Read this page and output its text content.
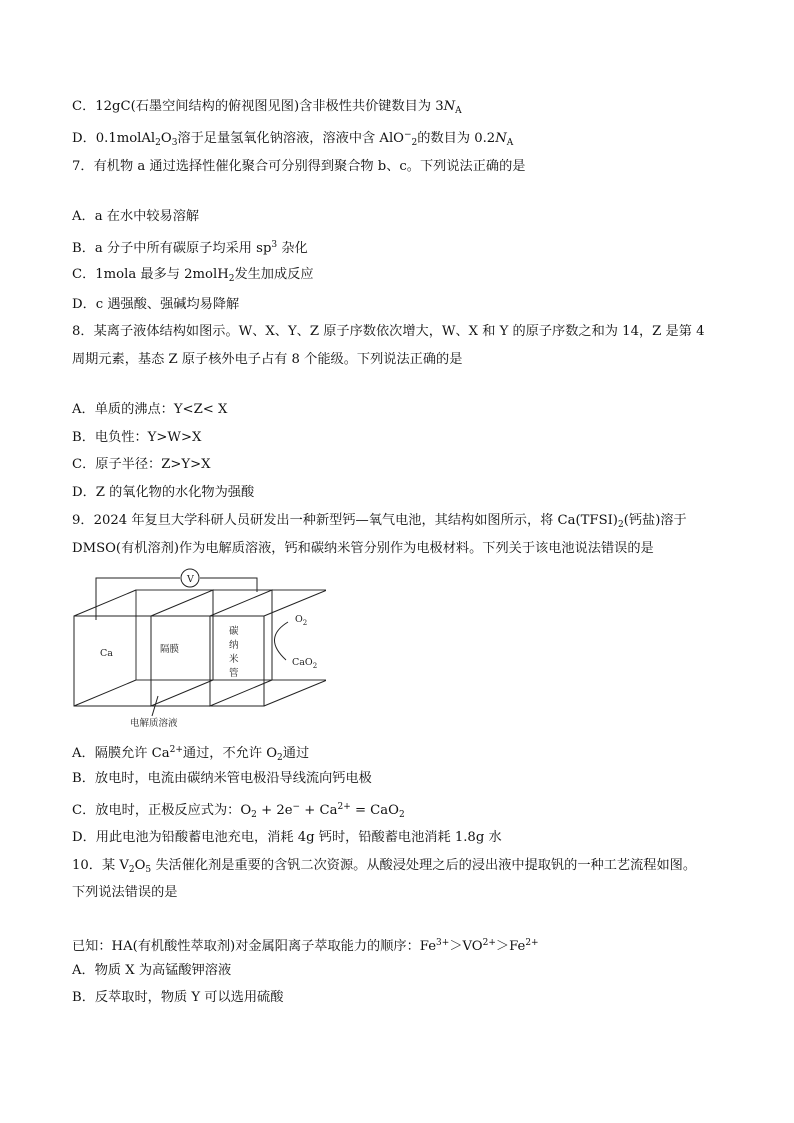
C．12gC(石墨空间结构的俯视图见图)含非极性共价键数目为 $3N_A$
D．$0.1molAl_2O_3$溶于足量氢氧化钠溶液，溶液中含 AlO−$_2$的数目为 $0.2N_A$
7．有机物 a 通过选择性催化聚合可分别得到聚合物 b、c。下列说法正确的是
A．a 在水中较易溶解
B．a 分子中所有碳原子均采用 $sp^3$ 杂化
C．1mola 最多与 2molH$_2$发生加成反应
D．c 遇强酸、强碱均易降解
8．某离子液体结构如图示。W、X、Y、Z 原子序数依次增大，W、X 和 Y 的原子序数之和为 14，Z 是第 4
周期元素，基态 Z 原子核外电子占有 8 个能级。下列说法正确的是
A．单质的沸点：Y<Z< X
B．电负性：Y>W>X
C．原子半径：Z>Y>X
D．Z 的氧化物的水化物为强酸
9．2024 年复旦大学科研人员研发出一种新型钙—氧气电池，其结构如图所示，将 $Ca(TFSI)_2$(钙盐)溶于
DMSO(有机溶剂)作为电解质溶液，钙和碳纳米管分别作为电极材料。下列关于该电池说法错误的是
V
Ca	隔膜
碳
纳
米
管
$O_2$
CaO$_2$
电解质溶液
A．隔膜允许 $Ca^{2+}$通过，不允许 $O_2$通过
B．放电时，电流由碳纳米管电极沿导线流向钙电极
C．放电时，正极反应式为：$O_2 + 2e^- + Ca^{2+} = CaO_2$
D．用此电池为铅酸蓄电池充电，消耗 4g 钙时，铅酸蓄电池消耗 1.8g 水
10．某 $V_2O_5$ 失活催化剂是重要的含钒二次资源。从酸浸处理之后的浸出液中提取钒的一种工艺流程如图。
下列说法错误的是
已知：HA(有机酸性萃取剂)对金属阳离子萃取能力的顺序：$Fe^{3+}>VO^{2+}>Fe^{2+}$
A．物质 X 为高锰酸钾溶液
B．反萃取时，物质 Y 可以选用硫酸
